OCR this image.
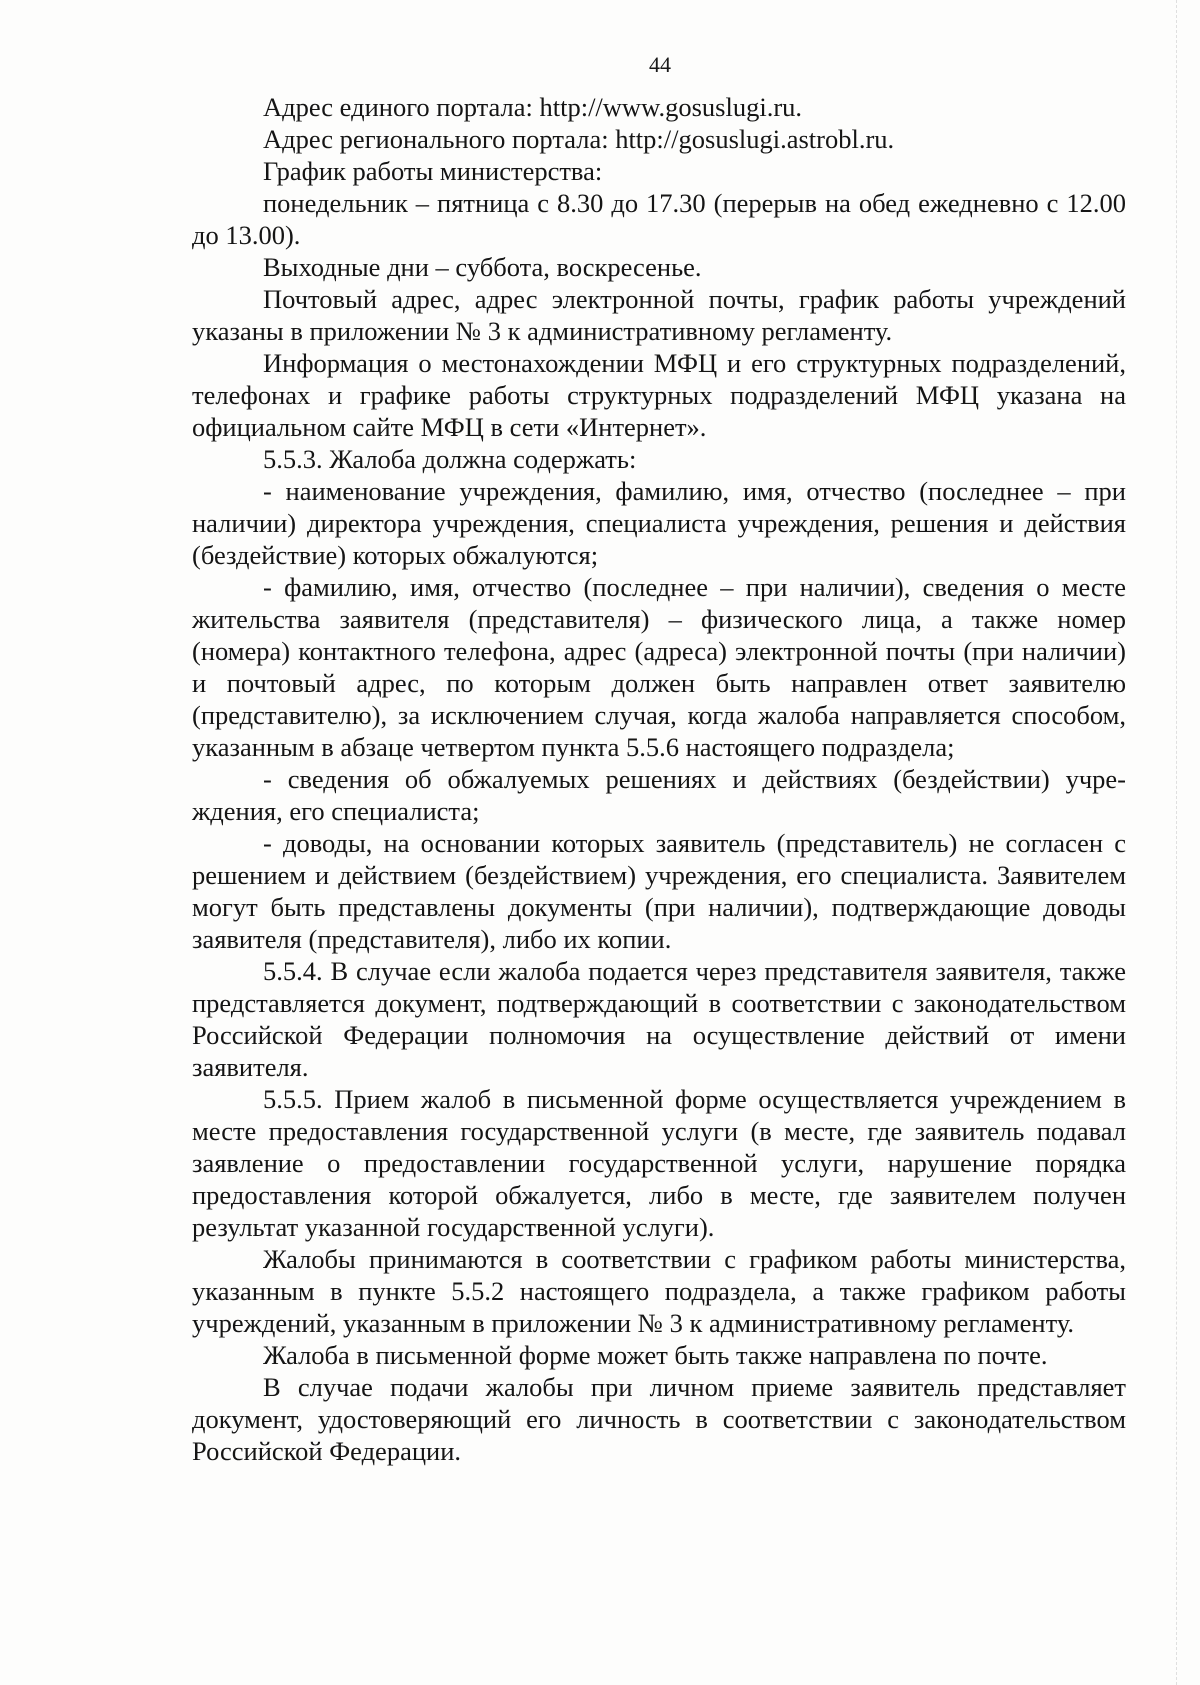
44

Адрес единого портала: http://www.gosuslugi.ru.

Адрес регионального портала: http://gosuslugi.astrobl.ru.

График работы министерства:

понедельник – пятница с 8.30 до 17.30 (перерыв на обед ежедневно с 12.00 до 13.00).

Выходные дни – суббота, воскресенье.

Почтовый адрес, адрес электронной почты, график работы учреждений указаны в приложении № 3 к административному регламенту.

Информация о местонахождении МФЦ и его структурных подразделений, телефонах и графике работы структурных подразделений МФЦ указана на официальном сайте МФЦ в сети «Интернет».

5.5.3. Жалоба должна содержать:

- наименование учреждения, фамилию, имя, отчество (последнее – при наличии) директора учреждения, специалиста учреждения, решения и действия (бездействие) которых обжалуются;

- фамилию, имя, отчество (последнее – при наличии), сведения о месте жительства заявителя (представителя) – физического лица, а также номер (номера) контактного телефона, адрес (адреса) электронной почты (при наличии) и почтовый адрес, по которым должен быть направлен ответ заявителю (представителю), за исключением случая, когда жалоба направляется способом, указанным в абзаце четвертом пункта 5.5.6 настоящего подраздела;

- сведения об обжалуемых решениях и действиях (бездействии) учреждения, его специалиста;

- доводы, на основании которых заявитель (представитель) не согласен с решением и действием (бездействием) учреждения, его специалиста. Заявителем могут быть представлены документы (при наличии), подтверждающие доводы заявителя (представителя), либо их копии.

5.5.4. В случае если жалоба подается через представителя заявителя, также представляется документ, подтверждающий в соответствии с законодательством Российской Федерации полномочия на осуществление действий от имени заявителя.

5.5.5. Прием жалоб в письменной форме осуществляется учреждением в месте предоставления государственной услуги (в месте, где заявитель подавал заявление о предоставлении государственной услуги, нарушение порядка предоставления которой обжалуется, либо в месте, где заявителем получен результат указанной государственной услуги).

Жалобы принимаются в соответствии с графиком работы министерства, указанным в пункте 5.5.2 настоящего подраздела, а также графиком работы учреждений, указанным в приложении № 3 к административному регламенту.

Жалоба в письменной форме может быть также направлена по почте.

В случае подачи жалобы при личном приеме заявитель представляет документ, удостоверяющий его личность в соответствии с законодательством Российской Федерации.
